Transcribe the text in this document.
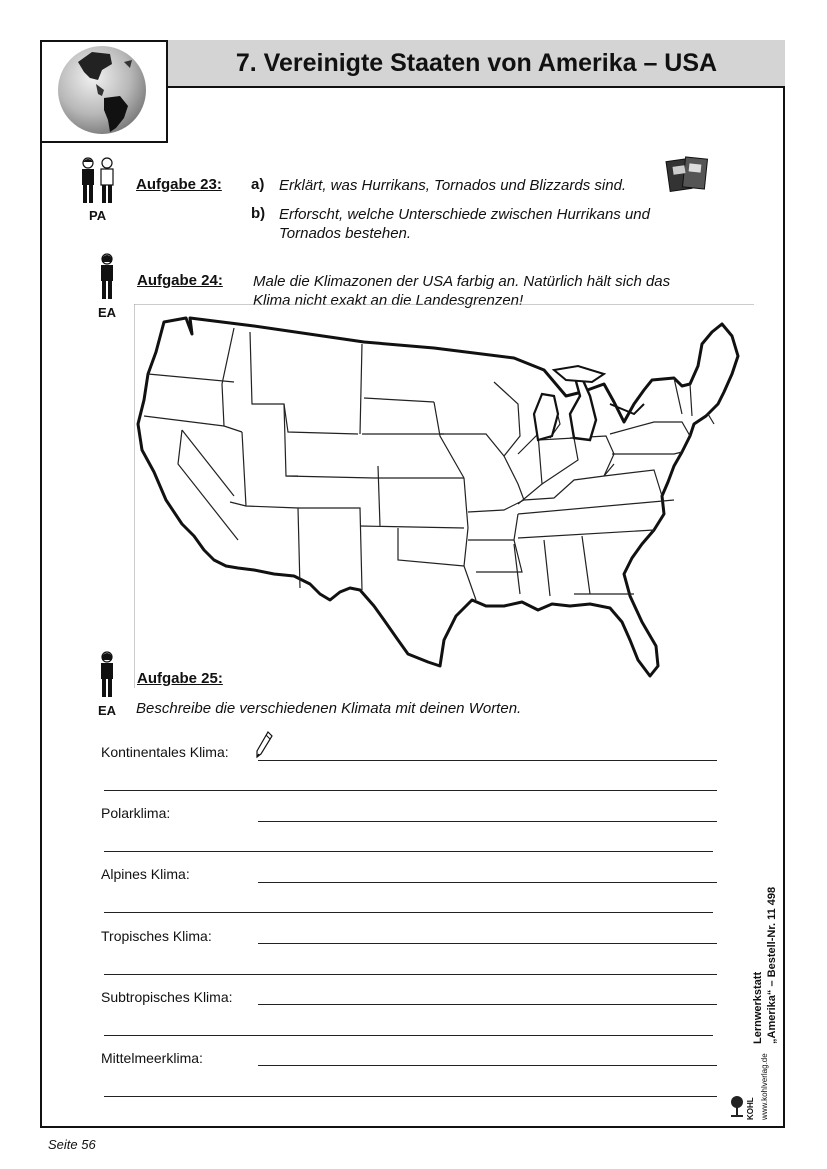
7. Vereinigte Staaten von Amerika – USA
PA
Aufgabe 23: a) Erklärt, was Hurrikans, Tornados und Blizzards sind.
b) Erforscht, welche Unterschiede zwischen Hurrikans und
Tornados bestehen.
EA
Aufgabe 24: Male die Klimazonen der USA farbig an. Natürlich hält sich das
Klima nicht exakt an die Landesgrenzen!
EA
Aufgabe 25:
Beschreibe die verschiedenen Klimata mit deinen Worten.
Kontinentales Klima:
Polarklima:
Alpines Klima:
Tropisches Klima:
Subtropisches Klima:
Mittelmeerklima:
Lernwerkstatt „Amerika“ – Bestell-Nr. 11 498
KOHL www.kohlverlag.de
Seite 56
